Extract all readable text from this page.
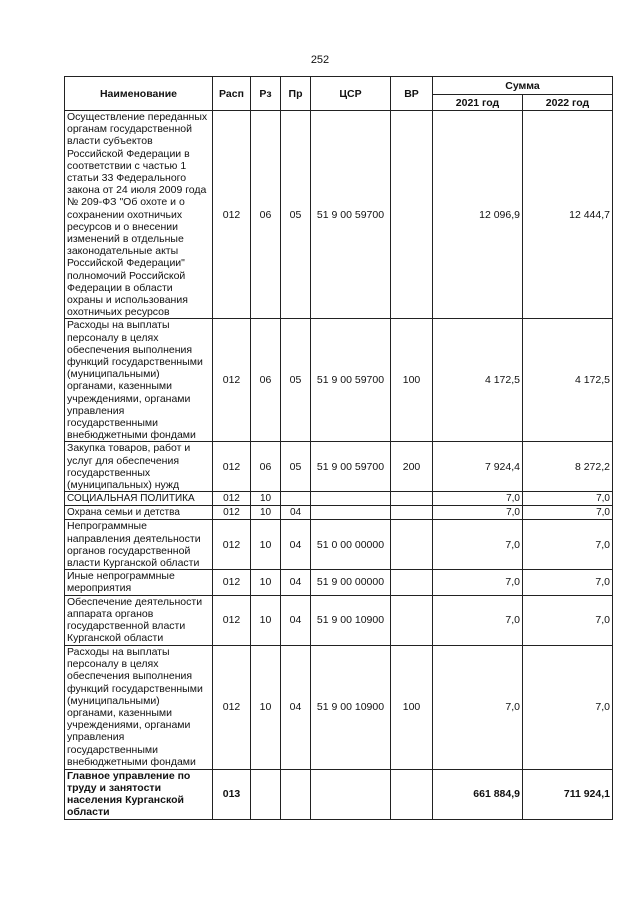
252
Наименование	Расп	Рз	Пр	ЦСР	ВР	Сумма	
						2021 год	2022 год
Осуществление переданных органам государственной власти субъектов Российской Федерации в соответствии с частью 1 статьи 33 Федерального закона от 24 июля 2009 года № 209-ФЗ "Об охоте и о сохранении охотничьих ресурсов и о внесении изменений в отдельные законодательные акты Российской Федерации" полномочий Российской Федерации в области охраны и использования охотничьих ресурсов	012	06	05	51 9 00 59700		12 096,9	12 444,7
Расходы на выплаты персоналу в целях обеспечения выполнения функций государственными (муниципальными) органами, казенными учреждениями, органами управления государственными внебюджетными фондами	012	06	05	51 9 00 59700	100	4 172,5	4 172,5
Закупка товаров, работ и услуг для обеспечения государственных (муниципальных) нужд	012	06	05	51 9 00 59700	200	7 924,4	8 272,2
СОЦИАЛЬНАЯ ПОЛИТИКА	012	10				7,0	7,0
Охрана семьи и детства	012	10	04			7,0	7,0
Непрограммные направления деятельности органов государственной власти Курганской области	012	10	04	51 0 00 00000		7,0	7,0
Иные непрограммные мероприятия	012	10	04	51 9 00 00000		7,0	7,0
Обеспечение деятельности аппарата органов государственной власти Курганской области	012	10	04	51 9 00 10900		7,0	7,0
Расходы на выплаты персоналу в целях обеспечения выполнения функций государственными (муниципальными) органами, казенными учреждениями, органами управления государственными внебюджетными фондами	012	10	04	51 9 00 10900	100	7,0	7,0
Главное управление по труду и занятости населения Курганской области	013					661 884,9	711 924,1
